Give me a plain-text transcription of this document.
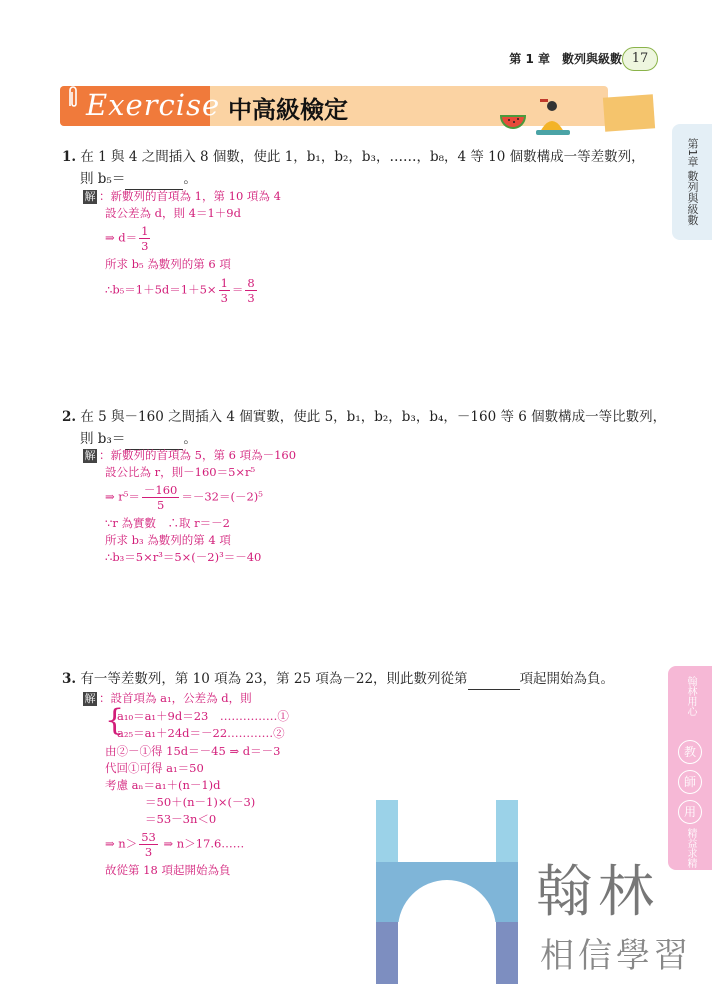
第 1 章　數列與級數 17
Exercise 中高級檢定
第1章 數列與級數
翰林用心
教
師
用
精益求精
1. 在 1 與 4 之間插入 8 個數，使此 1，b₁，b₂，b₃，……，b₈，4 等 10 個數構成一等差數列，
則 b₅＝	。
解 ：新數列的首項為 1，第 10 項為 4
設公差為 d，則 4＝1＋9d
⇒ $d= \frac{1}{3}$
所求 b₅ 為數列的第 6 項
∴b₅＝1＋5d＝1＋5× $\frac{1}{3} = \frac{8}{3}$
2. 在 5 與－160 之間插入 4 個實數，使此 5，b₁，b₂，b₃，b₄，－160 等 6 個數構成一等比數列，
則 b₃＝	。
解 ：新數列的首項為 5，第 6 項為－160
設公比為 r，則－160＝5×r⁵
⇒ $r^5= \frac{-160}{5} =-32=(-2)^5$
∵r 為實數　∴取 r＝－2
所求 b₃ 為數列的第 4 項
∴b₃＝5×r³＝5×(－2)³＝－40
3. 有一等差數列，第 10 項為 23，第 25 項為－22，則此數列從第	項起開始為負。
解 ：設首項為 a₁，公差為 d，則
{
a₁₀＝a₁＋9d＝23　……………①
a₂₅＝a₁＋24d＝－22…………②
由②－①得 15d＝－45 ⇒ d＝－3
代回①可得 a₁＝50
考慮 aₙ＝a₁＋(n－1)d
＝50＋(n－1)×(－3)
＝53－3n＜0
⇒ $n> \frac{53}{3}$ ⇒ n＞17.6……
故從第 18 項起開始為負	翰林
相信學習
